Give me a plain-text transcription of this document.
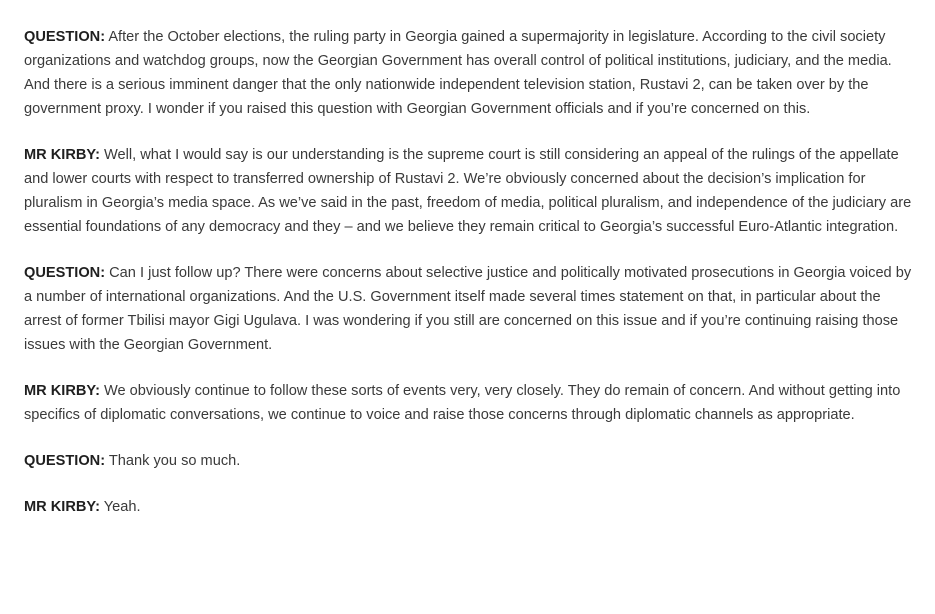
QUESTION: After the October elections, the ruling party in Georgia gained a supermajority in legislature. According to the civil society organizations and watchdog groups, now the Georgian Government has overall control of political institutions, judiciary, and the media. And there is a serious imminent danger that the only nationwide independent television station, Rustavi 2, can be taken over by the government proxy. I wonder if you raised this question with Georgian Government officials and if you’re concerned on this.

MR KIRBY: Well, what I would say is our understanding is the supreme court is still considering an appeal of the rulings of the appellate and lower courts with respect to transferred ownership of Rustavi 2. We’re obviously concerned about the decision’s implication for pluralism in Georgia’s media space. As we’ve said in the past, freedom of media, political pluralism, and independence of the judiciary are essential foundations of any democracy and they – and we believe they remain critical to Georgia’s successful Euro-Atlantic integration.

QUESTION: Can I just follow up? There were concerns about selective justice and politically motivated prosecutions in Georgia voiced by a number of international organizations. And the U.S. Government itself made several times statement on that, in particular about the arrest of former Tbilisi mayor Gigi Ugulava. I was wondering if you still are concerned on this issue and if you’re continuing raising those issues with the Georgian Government.

MR KIRBY: We obviously continue to follow these sorts of events very, very closely. They do remain of concern. And without getting into specifics of diplomatic conversations, we continue to voice and raise those concerns through diplomatic channels as appropriate.

QUESTION: Thank you so much.

MR KIRBY: Yeah.
